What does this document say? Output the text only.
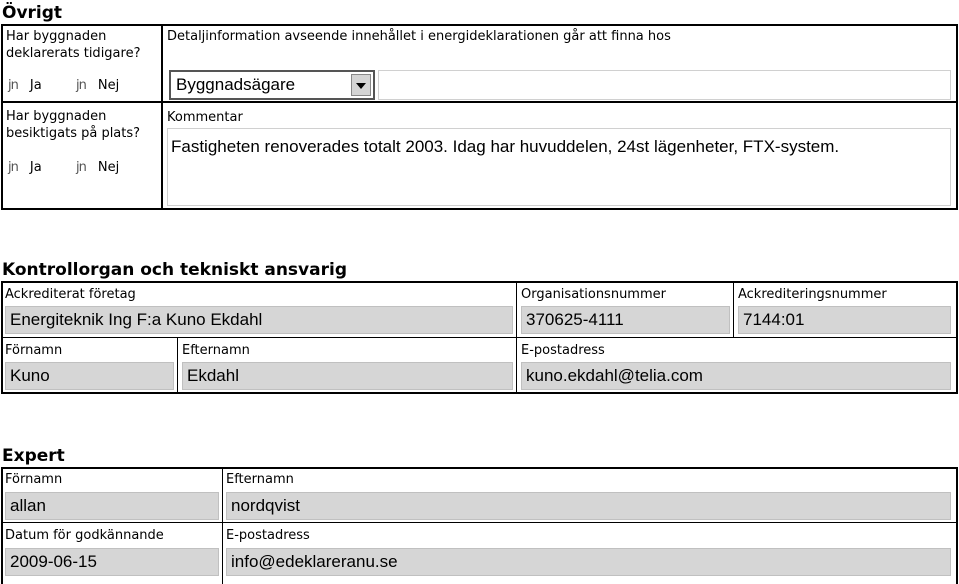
Övrigt
Har byggnaden deklarerats tidigare?
jn Ja	jn Nej
Har byggnaden besiktigats på plats?
jn Ja	jn Nej
Detaljinformation avseende innehållet i energideklarationen går att finna hos
Byggnadsägare
Kommentar
Fastigheten renoverades totalt 2003. Idag har huvuddelen, 24st lägenheter, FTX-system.
Kontrollorgan och tekniskt ansvarig
Ackrediterat företag
Energiteknik Ing F:a Kuno Ekdahl
Organisationsnummer
370625-4111
Ackrediteringsnummer
7144:01
Förnamn
Kuno
Efternamn
Ekdahl
E-postadress
kuno.ekdahl@telia.com
Expert
Förnamn
allan
Efternamn
nordqvist
Datum för godkännande
2009-06-15
E-postadress
info@edeklareranu.se
